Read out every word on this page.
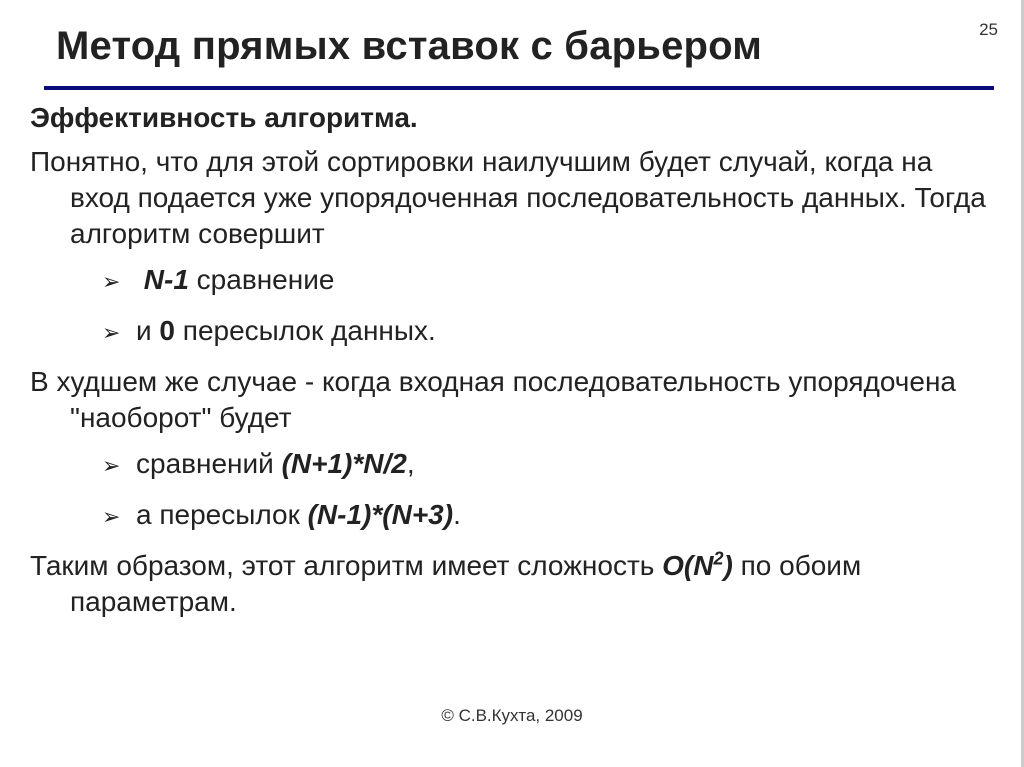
25
Метод прямых вставок с барьером
Эффективность алгоритма.
Понятно, что для этой сортировки наилучшим будет случай, когда на вход подается уже упорядоченная последовательность данных. Тогда алгоритм совершит
➢ N-1 сравнение
➢ и 0 пересылок данных.
В худшем же случае - когда входная последовательность упорядочена "наоборот" будет
➢ сравнений (N+1)*N/2,
➢ а пересылок (N-1)*(N+3).
Таким образом, этот алгоритм имеет сложность $O(N^2)$ по обоим параметрам.
© С.В.Кухта, 2009
